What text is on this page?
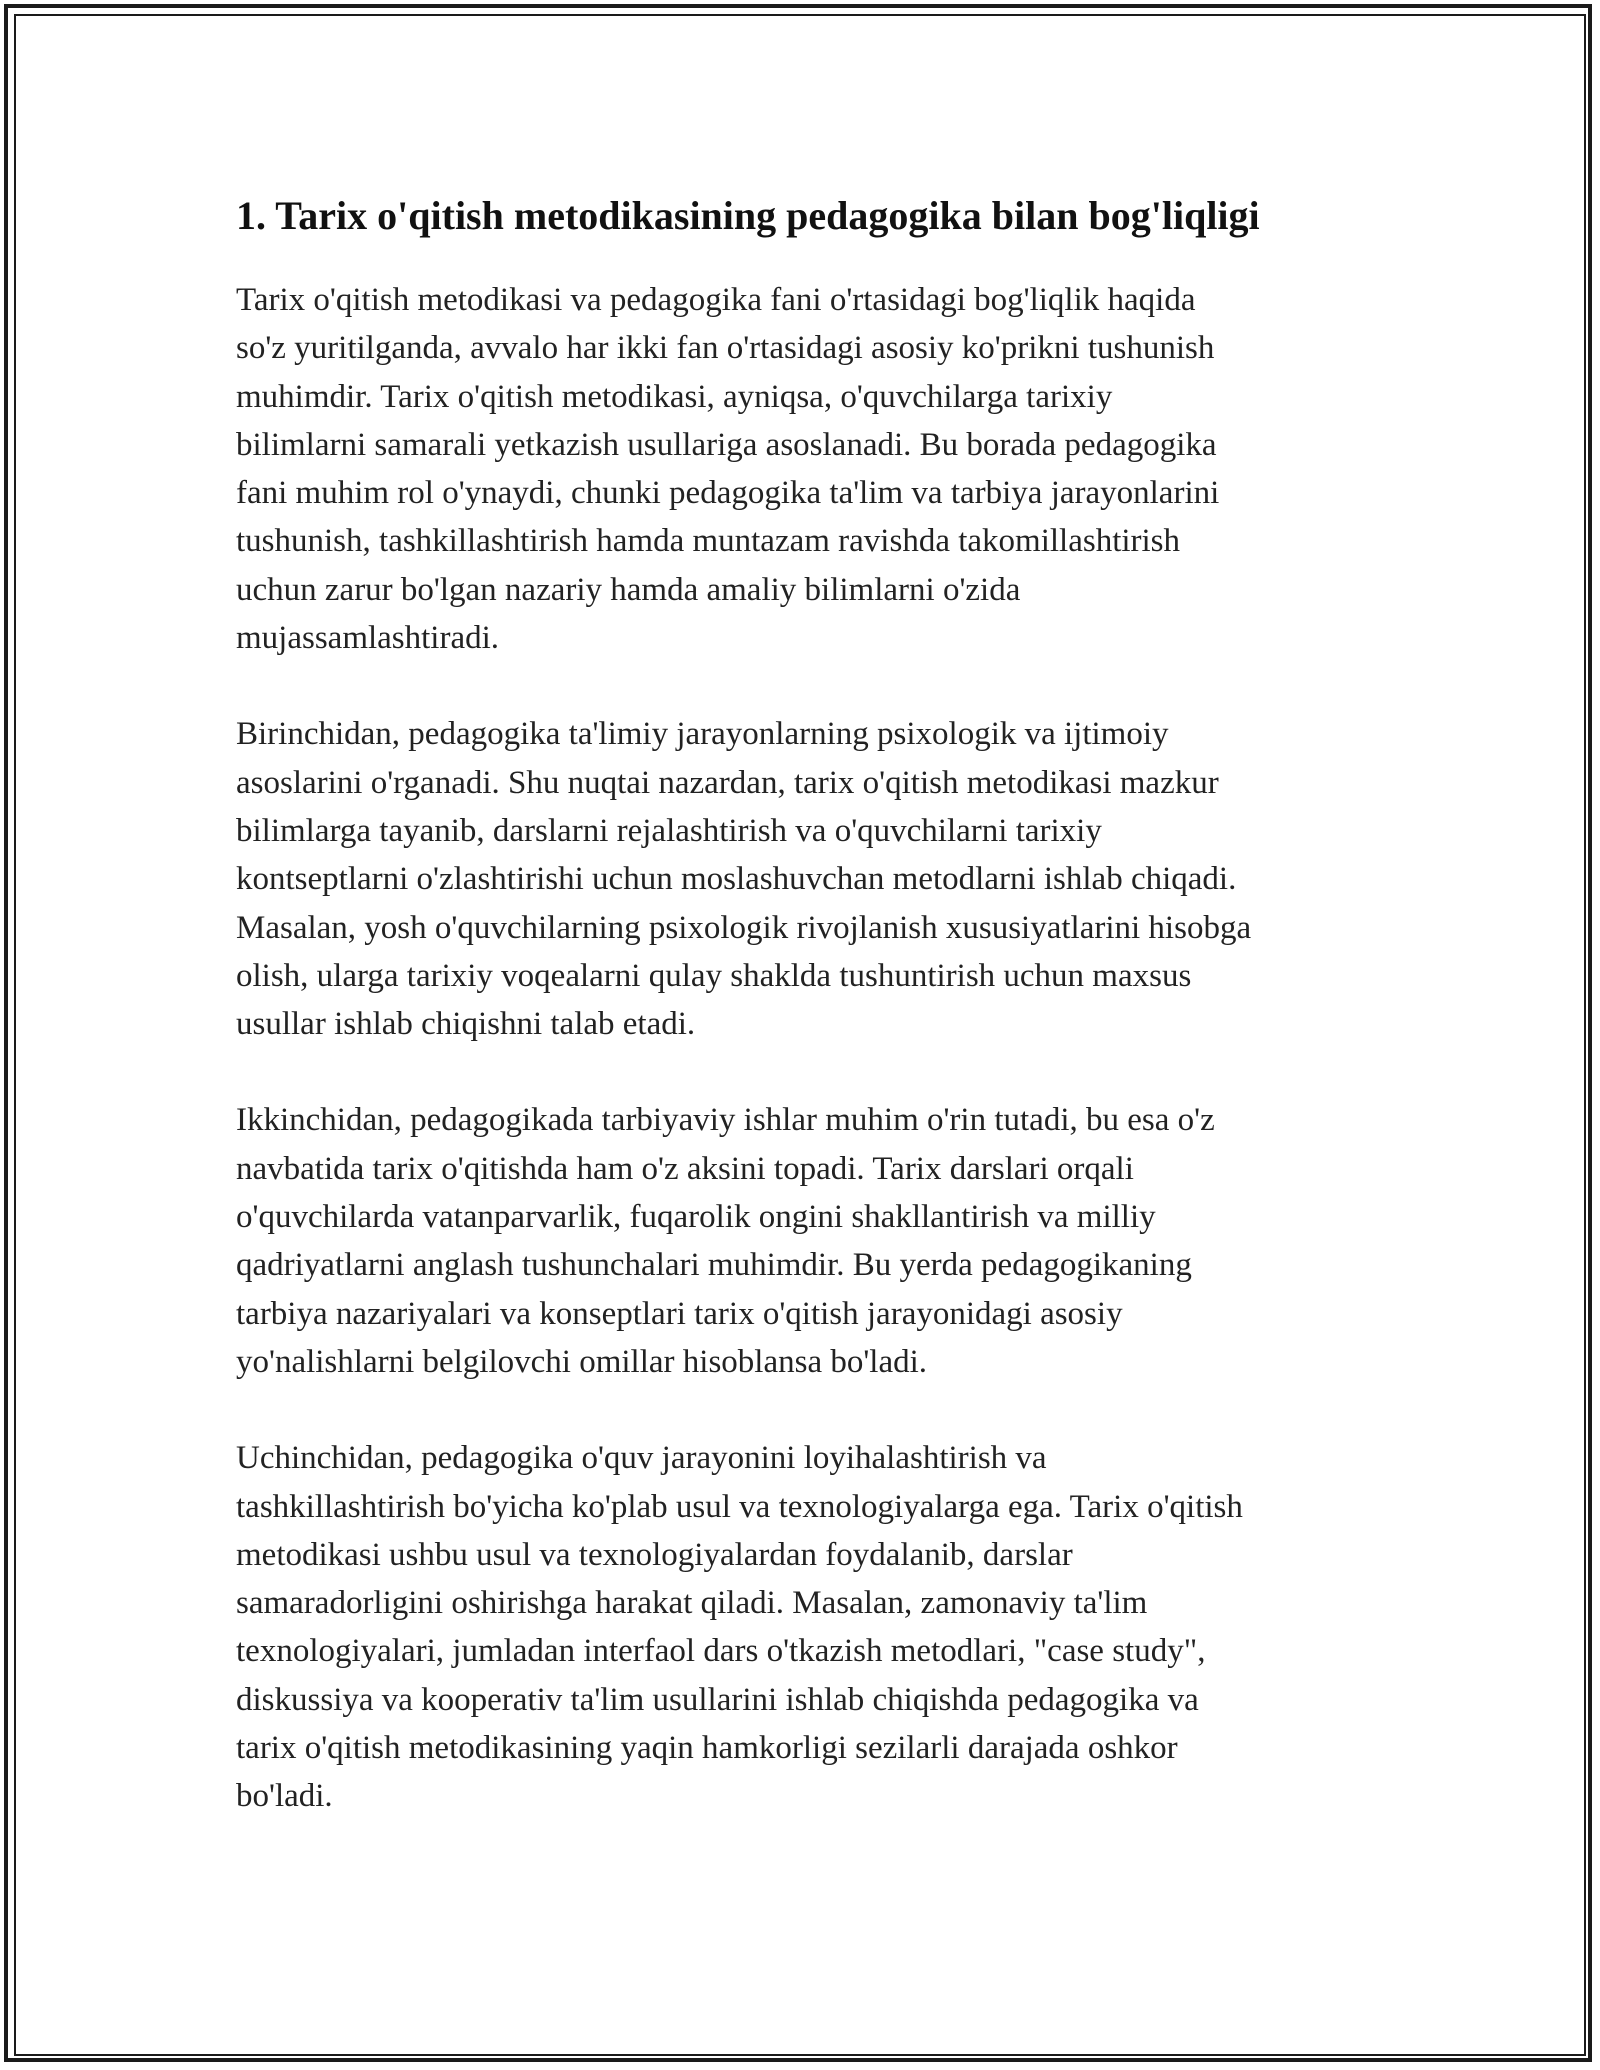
1. Tarix o'qitish metodikasining pedagogika bilan bog'liqligi

Tarix o'qitish metodikasi va pedagogika fani o'rtasidagi bog'liqlik haqida
so'z yuritilganda, avvalo har ikki fan o'rtasidagi asosiy ko'prikni tushunish
muhimdir. Tarix o'qitish metodikasi, ayniqsa, o'quvchilarga tarixiy
bilimlarni samarali yetkazish usullariga asoslanadi. Bu borada pedagogika
fani muhim rol o'ynaydi, chunki pedagogika ta'lim va tarbiya jarayonlarini
tushunish, tashkillashtirish hamda muntazam ravishda takomillashtirish
uchun zarur bo'lgan nazariy hamda amaliy bilimlarni o'zida
mujassamlashtiradi.

Birinchidan, pedagogika ta'limiy jarayonlarning psixologik va ijtimoiy
asoslarini o'rganadi. Shu nuqtai nazardan, tarix o'qitish metodikasi mazkur
bilimlarga tayanib, darslarni rejalashtirish va o'quvchilarni tarixiy
kontseptlarni o'zlashtirishi uchun moslashuvchan metodlarni ishlab chiqadi.
Masalan, yosh o'quvchilarning psixologik rivojlanish xususiyatlarini hisobga
olish, ularga tarixiy voqealarni qulay shaklda tushuntirish uchun maxsus
usullar ishlab chiqishni talab etadi.

Ikkinchidan, pedagogikada tarbiyaviy ishlar muhim o'rin tutadi, bu esa o'z
navbatida tarix o'qitishda ham o'z aksini topadi. Tarix darslari orqali
o'quvchilarda vatanparvarlik, fuqarolik ongini shakllantirish va milliy
qadriyatlarni anglash tushunchalari muhimdir. Bu yerda pedagogikaning
tarbiya nazariyalari va konseptlari tarix o'qitish jarayonidagi asosiy
yo'nalishlarni belgilovchi omillar hisoblansa bo'ladi.

Uchinchidan, pedagogika o'quv jarayonini loyihalashtirish va
tashkillashtirish bo'yicha ko'plab usul va texnologiyalarga ega. Tarix o'qitish
metodikasi ushbu usul va texnologiyalardan foydalanib, darslar
samaradorligini oshirishga harakat qiladi. Masalan, zamonaviy ta'lim
texnologiyalari, jumladan interfaol dars o'tkazish metodlari, "case study",
diskussiya va kooperativ ta'lim usullarini ishlab chiqishda pedagogika va
tarix o'qitish metodikasining yaqin hamkorligi sezilarli darajada oshkor
bo'ladi.
